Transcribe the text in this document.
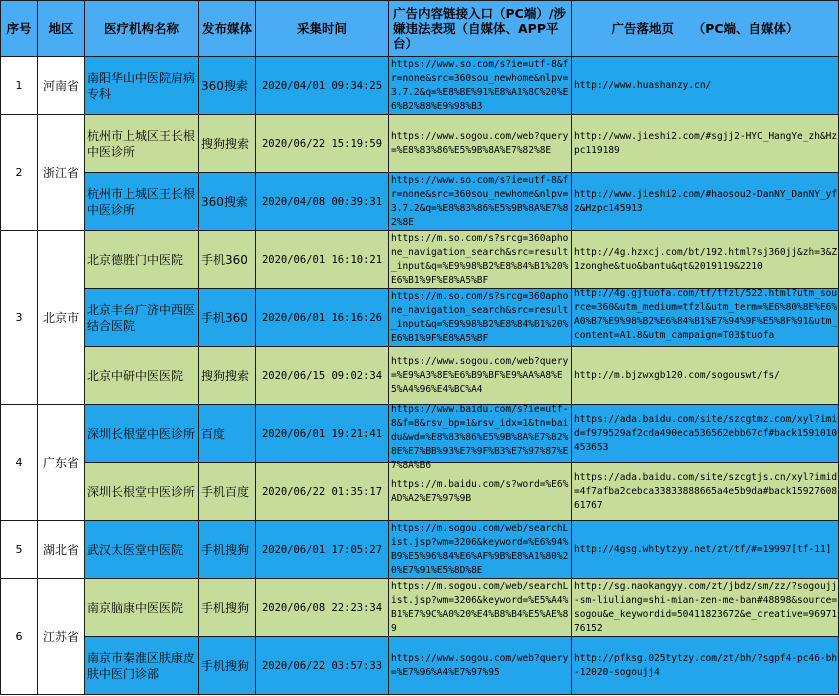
序号	地区	医疗机构名称	发布媒体	采集时间	广告内容链接入口（PC端）/涉嫌违法表现（自媒体、APP平台）	广告落地页　　（PC端、自媒体）
1	河南省	南阳华山中医院肩病专科	360搜索	2020/04/01 09:34:25	https://www.so.com/s?ie=utf-8&fr=none&src=360sou_newhome&nlpv=3.7.2&q=%E8%BE%91%E8%A1%8C%20%E6%B2%88%E9%98%B3	http://www.huashanzy.cn/

2	浙江省	杭州市上城区王长根中医诊所	搜狗搜索	2020/06/22 15:19:59	https://www.sogou.com/web?query=%E8%83%86%E5%9B%8A%E7%82%8E	http://www.jieshi2.com/#sgjj2-HYC_HangYe_zh&Hzpc119189

		杭州市上城区王长根中医诊所	360搜索	2020/04/08 00:39:31	https://www.so.com/s?ie=utf-8&fr=none&src=360sou_newhome&nlpv=3.7.2&q=%E8%83%86%E5%9B%8A%E7%82%8E	http://www.jieshi2.com/#haosou2-DanNY_DanNY_yfz&Hzpc145913

3	北京市	北京德胜门中医院	手机360	2020/06/01 16:10:21	https://m.so.com/s?srcg=360aphone_navigation_search&src=result_input&q=%E9%98%B2%E8%84%B1%20%E6%B1%9F%E8%A5%BF	http://4g.hzxcj.com/bt/192.html?sj360jj&zh=3&Z1zonghe&tuo&bantu&qt&2019119&2210

		北京丰台广济中西医结合医院	手机360	2020/06/01 16:16:26	https://m.so.com/s?srcg=360aphone_navigation_search&src=result_input&q=%E9%98%B2%E8%84%B1%20%E6%B1%9F%E8%A5%BF	http://4g.gjtuofa.com/tf/tfzl/522.html?utm_source=360&utm_medium=tfzl&utm_term=%E6%80%8E%E6%A0%B7%E9%98%B2%E6%84%B1%E7%94%9F%E5%8F%91&utm_content=A1.8&utm_campaign=T03$tuofa

		北京中研中医医院	搜狗搜索	2020/06/15 09:02:34	https://www.sogou.com/web?query=%E9%A3%8E%E6%B9%BF%E9%AA%A8%E5%A4%96%E4%BC%A4	http://m.bjzwxgb120.com/sogouswt/fs/

4	广东省	深圳长根堂中医诊所	百度	2020/06/01 19:21:41	https://www.baidu.com/s?ie=utf-8&f=8&rsv_bp=1&rsv_idx=1&tn=baidu&wd=%E8%83%86%E5%9B%8A%E7%82%8E%E7%BB%93%E7%9F%B3%E7%97%87%E7%8A%B6	https://ada.baidu.com/site/szcgtmz.com/xyl?imid=f979529af2cda490eca536562ebb67cf#back1591010453653

		深圳长根堂中医诊所	手机百度	2020/06/22 01:35:17	https://m.baidu.com/s?word=%E6%AD%A2%E7%97%9B	https://ada.baidu.com/site/szcgtjs.cn/xyl?imid=4f7afba2cebca33833888665a4e5b9da#back1592760861767

5	湖北省	武汉太医堂中医院	手机搜狗	2020/06/01 17:05:27	https://m.sogou.com/web/searchList.jsp?wm=3206&keyword=%E6%94%B9%E5%96%84%E6%AF%9B%E8%A1%80%20%E7%91%E5%8D%8E	http://4gsg.whtytzyy.net/zt/tf/#=19997[tf-11]

6	江苏省	南京脑康中医医院	手机搜狗	2020/06/08 22:23:34	https://m.sogou.com/web/searchList.jsp?wm=3206&keyword=%E5%A4%B1%E7%9C%A0%20%E4%B8%B4%E5%AE%89	http://sg.naokangyy.com/zt/jbdz/sm/zz/?sogoujj-sm-liuliang=shi-mian-zen-me-ban#48898&source=sogou&e_keywordid=50411823672&e_creative=9697176152

		南京市秦淮区肤康皮肤中医门诊部	手机搜狗	2020/06/22 03:57:33	https://www.sogou.com/web?query=%E7%96%A4%E7%97%95	http://pfksg.025tytzy.com/zt/bh/?sgpf4-pc46-bh-12020-sogoujj4
